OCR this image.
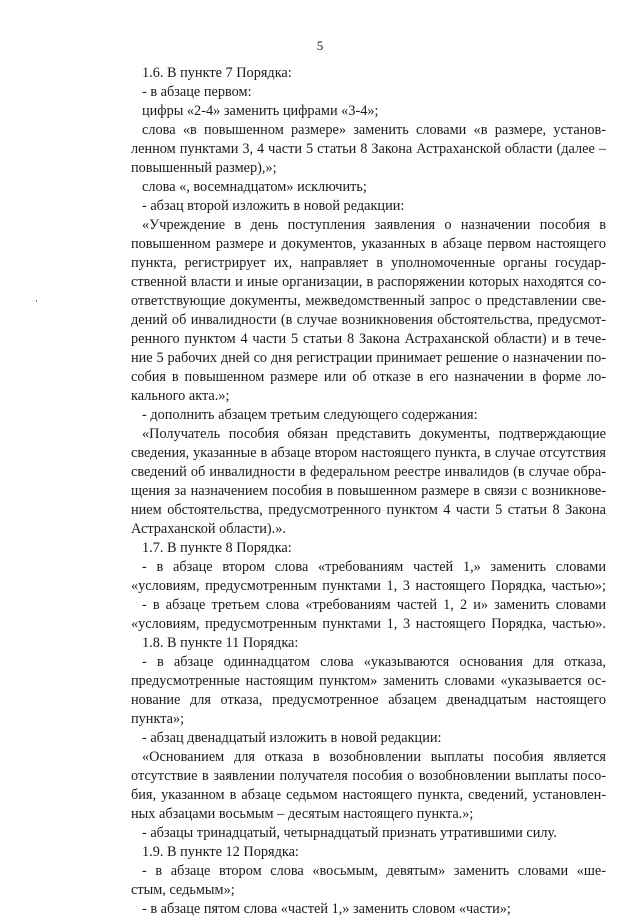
5
1.6. В пункте 7 Порядка:
- в абзаце первом:
цифры «2-4» заменить цифрами «3-4»;
слова «в повышенном размере» заменить словами «в размере, установ-
ленном пунктами 3, 4 части 5 статьи 8 Закона Астраханской области (далее –
повышенный размер),»;
слова «, восемнадцатом» исключить;
- абзац второй изложить в новой редакции:
«Учреждение в день поступления заявления о назначении пособия в
повышенном размере и документов, указанных в абзаце первом настоящего
пункта, регистрирует их, направляет в уполномоченные органы государ-
ственной власти и иные организации, в распоряжении которых находятся со-
ответствующие документы, межведомственный запрос о представлении све-
дений об инвалидности (в случае возникновения обстоятельства, предусмот-
ренного пунктом 4 части 5 статьи 8 Закона Астраханской области) и в тече-
ние 5 рабочих дней со дня регистрации принимает решение о назначении по-
собия в повышенном размере или об отказе в его назначении в форме ло-
кального акта.»;
- дополнить абзацем третьим следующего содержания:
«Получатель пособия обязан представить документы, подтверждающие
сведения, указанные в абзаце втором настоящего пункта, в случае отсутствия
сведений об инвалидности в федеральном реестре инвалидов (в случае обра-
щения за назначением пособия в повышенном размере в связи с возникнове-
нием обстоятельства, предусмотренного пунктом 4 части 5 статьи 8 Закона
Астраханской области).».
1.7. В пункте 8 Порядка:
- в абзаце втором слова «требованиям частей 1,» заменить словами
«условиям, предусмотренным пунктами 1, 3 настоящего Порядка, частью»;
- в абзаце третьем слова «требованиям частей 1, 2 и» заменить словами
«условиям, предусмотренным пунктами 1, 3 настоящего Порядка, частью».
1.8. В пункте 11 Порядка:
- в абзаце одиннадцатом слова «указываются основания для отказа,
предусмотренные настоящим пунктом» заменить словами «указывается ос-
нование для отказа, предусмотренное абзацем двенадцатым настоящего
пункта»;
- абзац двенадцатый изложить в новой редакции:
«Основанием для отказа в возобновлении выплаты пособия является
отсутствие в заявлении получателя пособия о возобновлении выплаты посо-
бия, указанном в абзаце седьмом настоящего пункта, сведений, установлен-
ных абзацами восьмым – десятым настоящего пункта.»;
- абзацы тринадцатый, четырнадцатый признать утратившими силу.
1.9. В пункте 12 Порядка:
- в абзаце втором слова «восьмым, девятым» заменить словами «ше-
стым, седьмым»;
- в абзаце пятом слова «частей 1,» заменить словом «части»;
